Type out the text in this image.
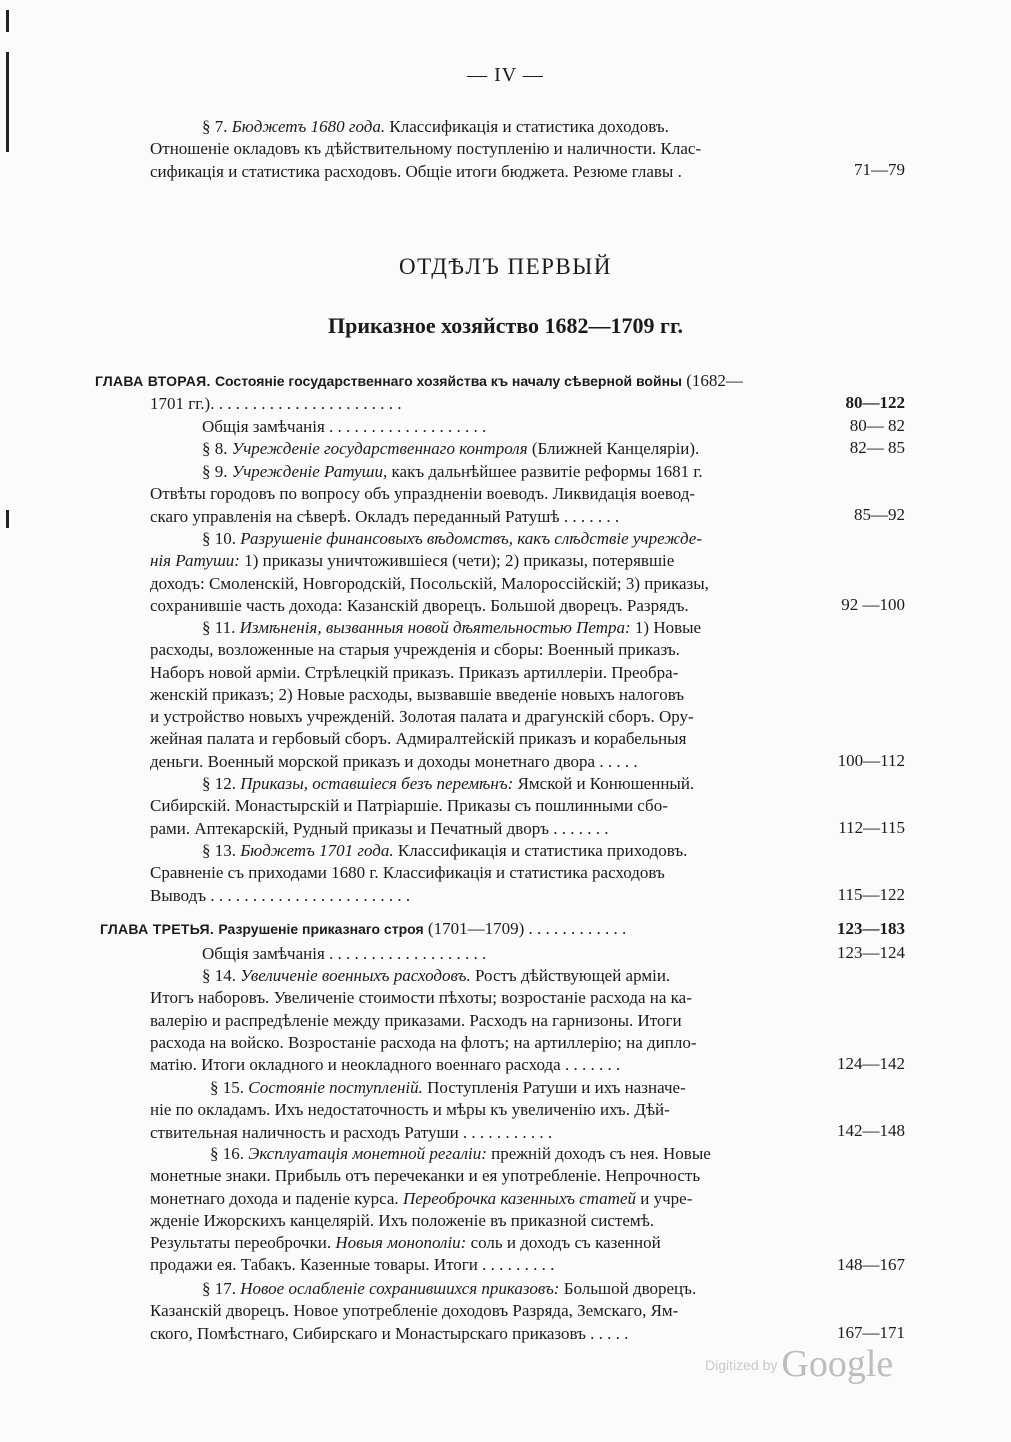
— IV —
§ 7. Бюджетъ 1680 года. Классификація и статистика доходовъ.
Отношеніе окладовъ къ дѣйствительному поступленію и наличности. Клас-
сификація и статистика расходовъ. Общіе итоги бюджета. Резюме главы .	71—79
ОТДѢЛЪ ПЕРВЫЙ
Приказное хозяйство 1682—1709 гг.
ГЛАВА ВТОРАЯ. Состояніе государственнаго хозяйства къ началу сѣверной войны (1682—
1701 гг.). . . . . . . . . . . . . . . . . . . . . . .	80—122
Общія замѣчанія . . . . . . . . . . . . . . . . . . .	80— 82
§ 8. Учрежденіе государственнаго контроля (Ближней Канцеляріи).	82— 85
§ 9. Учрежденіе Ратуши, какъ дальнѣйшее развитіе реформы 1681 г.
Отвѣты городовъ по вопросу объ упраздненіи воеводъ. Ликвидація воевод-
скаго управленія на сѣверѣ. Окладъ переданный Ратушѣ . . . . . . .	85—92
§ 10. Разрушеніе финансовыхъ вѣдомствъ, какъ слѣдствіе учрежде-
нія Ратуши: 1) приказы уничтожившіеся (чети); 2) приказы, потерявшіе
доходъ: Смоленскій, Новгородскій, Посольскій, Малороссійскій; 3) приказы,
сохранившіе часть дохода: Казанскій дворецъ. Большой дворецъ. Разрядъ.	92 —100
§ 11. Измѣненія, вызванныя новой дѣятельностью Петра: 1) Новые
расходы, возложенные на старыя учрежденія и сборы: Военный приказъ.
Наборъ новой арміи. Стрѣлецкій приказъ. Приказъ артиллеріи. Преобра-
женскій приказъ; 2) Новые расходы, вызвавшіе введеніе новыхъ налоговъ
и устройство новыхъ учрежденій. Золотая палата и драгунскій сборъ. Ору-
жейная палата и гербовый сборъ. Адмиралтейскій приказъ и корабельныя
деньги. Военный морской приказъ и доходы монетнаго двора . . . . .	100—112
§ 12. Приказы, оставшіеся безъ перемѣнъ: Ямской и Конюшенный.
Сибирскій. Монастырскій и Патріаршіе. Приказы съ пошлинными сбо-
рами. Аптекарскій, Рудный приказы и Печатный дворъ . . . . . . .	112—115
§ 13. Бюджетъ 1701 года. Классификація и статистика приходовъ.
Сравненіе съ приходами 1680 г. Классификація и статистика расходовъ
Выводъ . . . . . . . . . . . . . . . . . . . . . . . .	115—122
ГЛАВА ТРЕТЬЯ. Разрушеніе приказнаго строя (1701—1709) . . . . . . . . . . . .	123—183
Общія замѣчанія . . . . . . . . . . . . . . . . . . .	123—124
§ 14. Увеличеніе военныхъ расходовъ. Ростъ дѣйствующей арміи.
Итогъ наборовъ. Увеличеніе стоимости пѣхоты; возростаніе расхода на ка-
валерію и распредѣленіе между приказами. Расходъ на гарнизоны. Итоги
расхода на войско. Возростаніе расхода на флотъ; на артиллерію; на дипло-
матію. Итоги окладного и неокладного военнаго расхода . . . . . . .	124—142
§ 15. Состояніе поступленій. Поступленія Ратуши и ихъ назначе-
ніе по окладамъ. Ихъ недостаточность и мѣры къ увеличенію ихъ. Дѣй-
ствительная наличность и расходъ Ратуши . . . . . . . . . . .	142—148
§ 16. Эксплуатація монетной регаліи: прежній доходъ съ нея. Новые
монетные знаки. Прибыль отъ перечеканки и ея употребленіе. Непрочность
монетнаго дохода и паденіе курса. Переоброчка казенныхъ статей и учре-
жденіе Ижорскихъ канцелярій. Ихъ положеніе въ приказной системѣ.
Результаты переоброчки. Новыя монополіи: соль и доходъ съ казенной
продажи ея. Табакъ. Казенные товары. Итоги . . . . . . . . .	148—167
§ 17. Новое ослабленіе сохранившихся приказовъ: Большой дворецъ.
Казанскій дворецъ. Новое употребленіе доходовъ Разряда, Земскаго, Ям-
ского, Помѣстнаго, Сибирскаго и Монастырскаго приказовъ . . . . .	167—171
Digitized by Google
